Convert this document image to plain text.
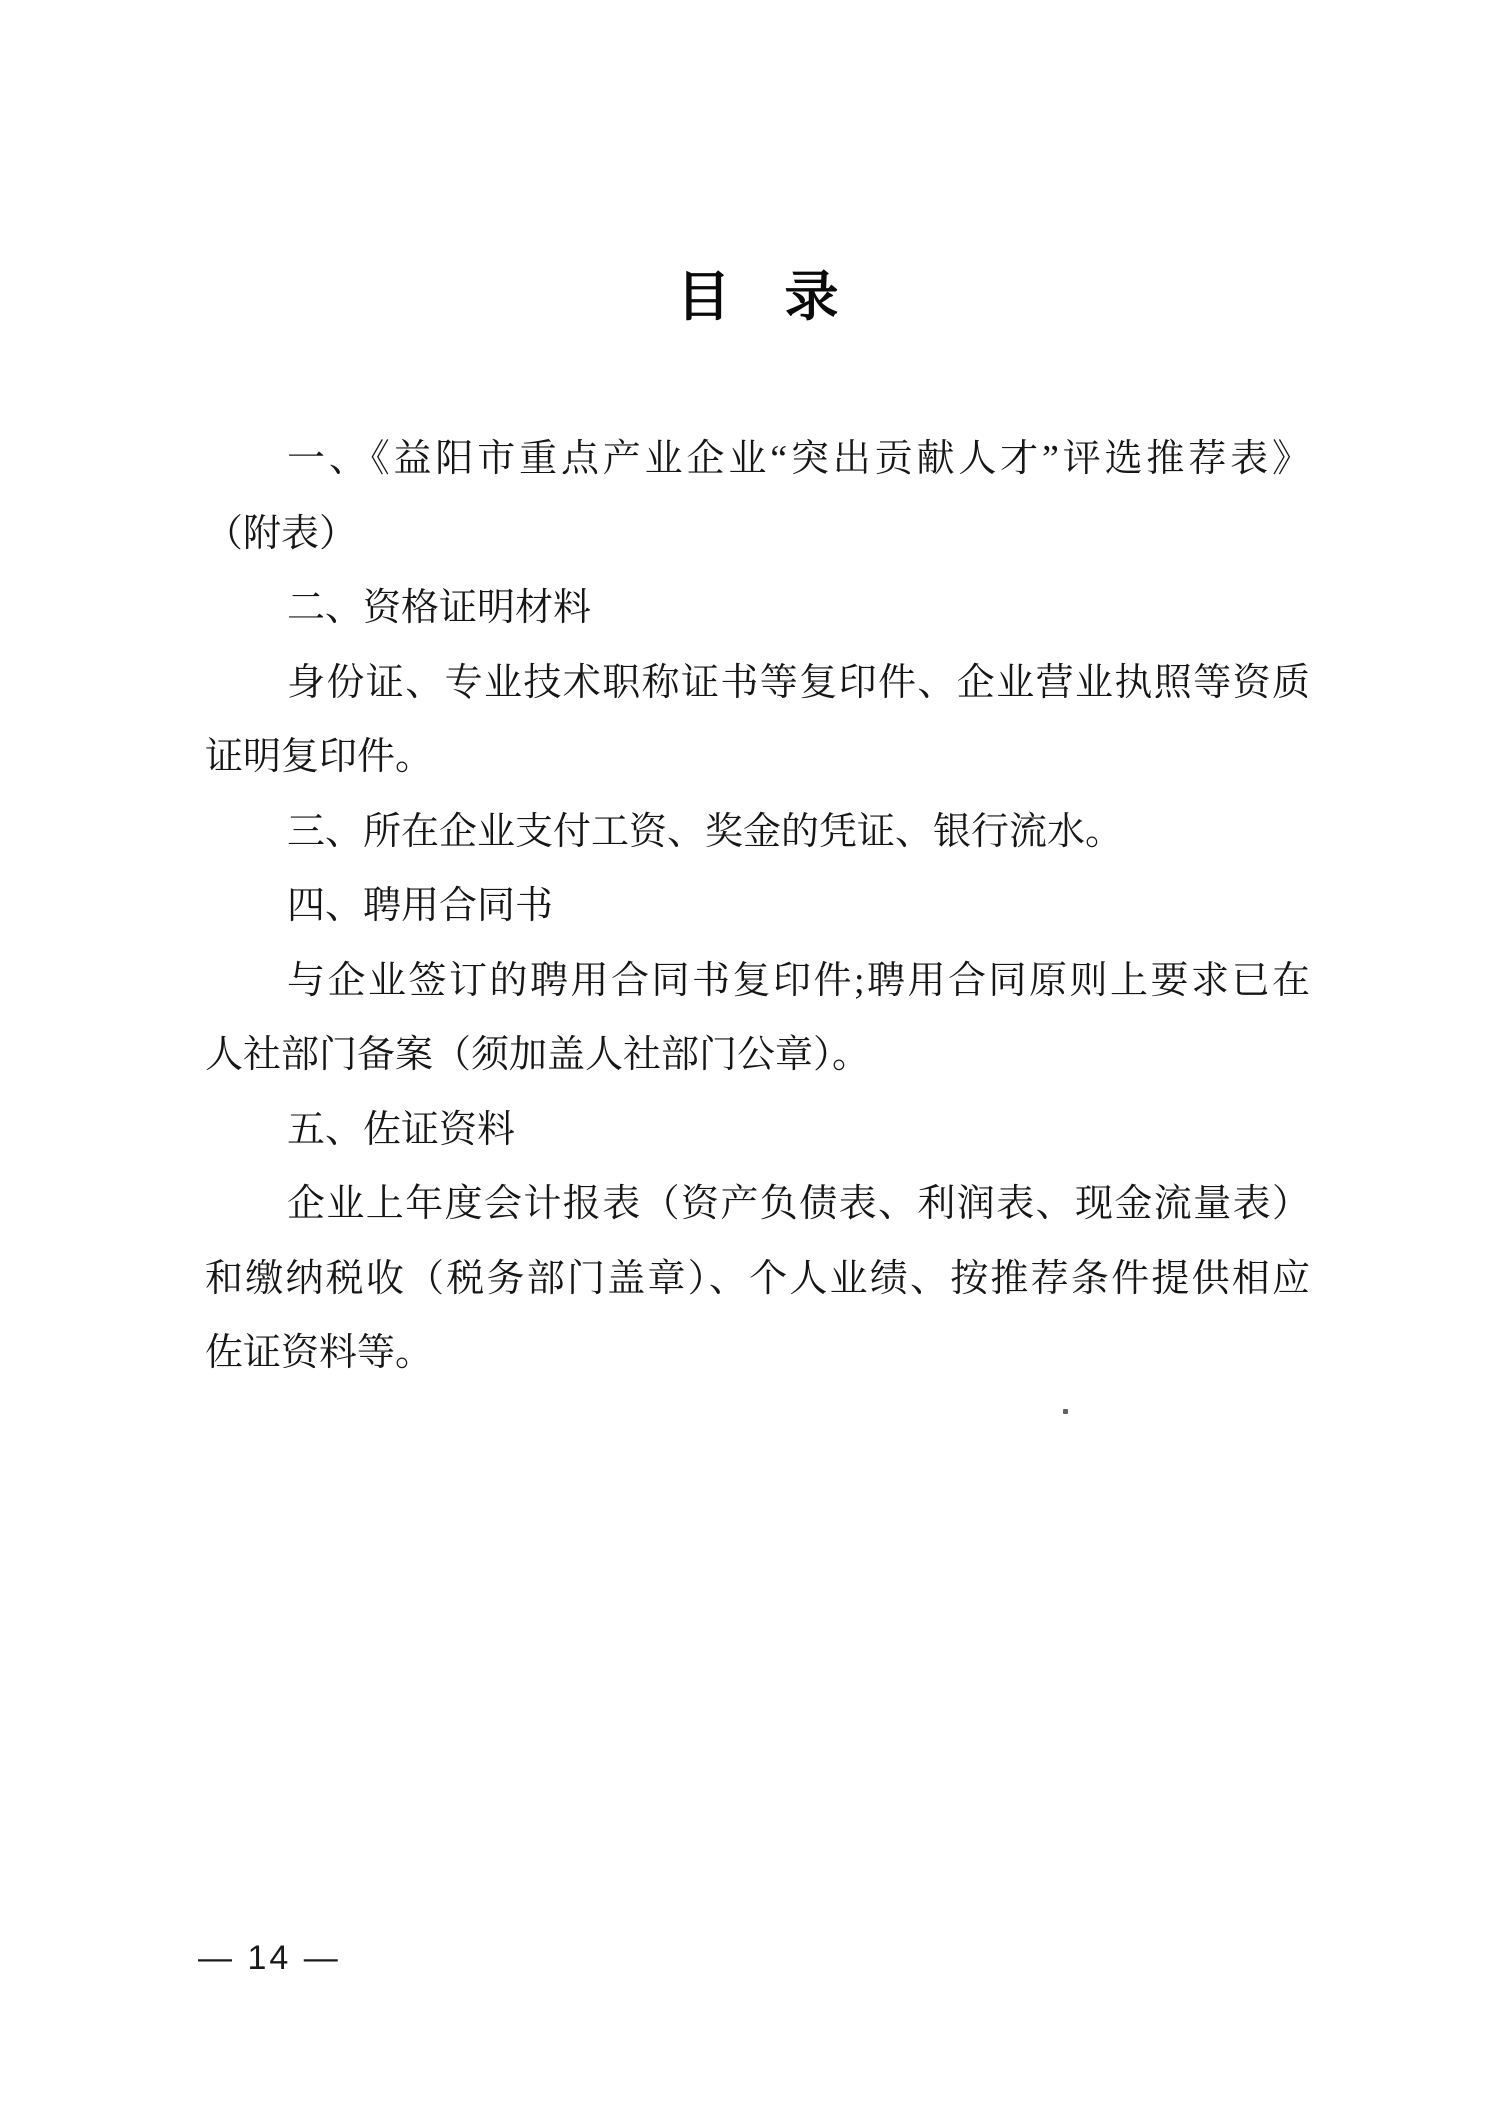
目　录
一、《益阳市重点产业企业“突出贡献人才”评选推荐表》
（附表）
二、资格证明材料
身份证、专业技术职称证书等复印件、企业营业执照等资质
证明复印件。
三、所在企业支付工资、奖金的凭证、银行流水。
四、聘用合同书
与企业签订的聘用合同书复印件;聘用合同原则上要求已在
人社部门备案（须加盖人社部门公章）。
五、佐证资料
企业上年度会计报表（资产负债表、利润表、现金流量表）
和缴纳税收（税务部门盖章）、个人业绩、按推荐条件提供相应
佐证资料等。
— 14 —
